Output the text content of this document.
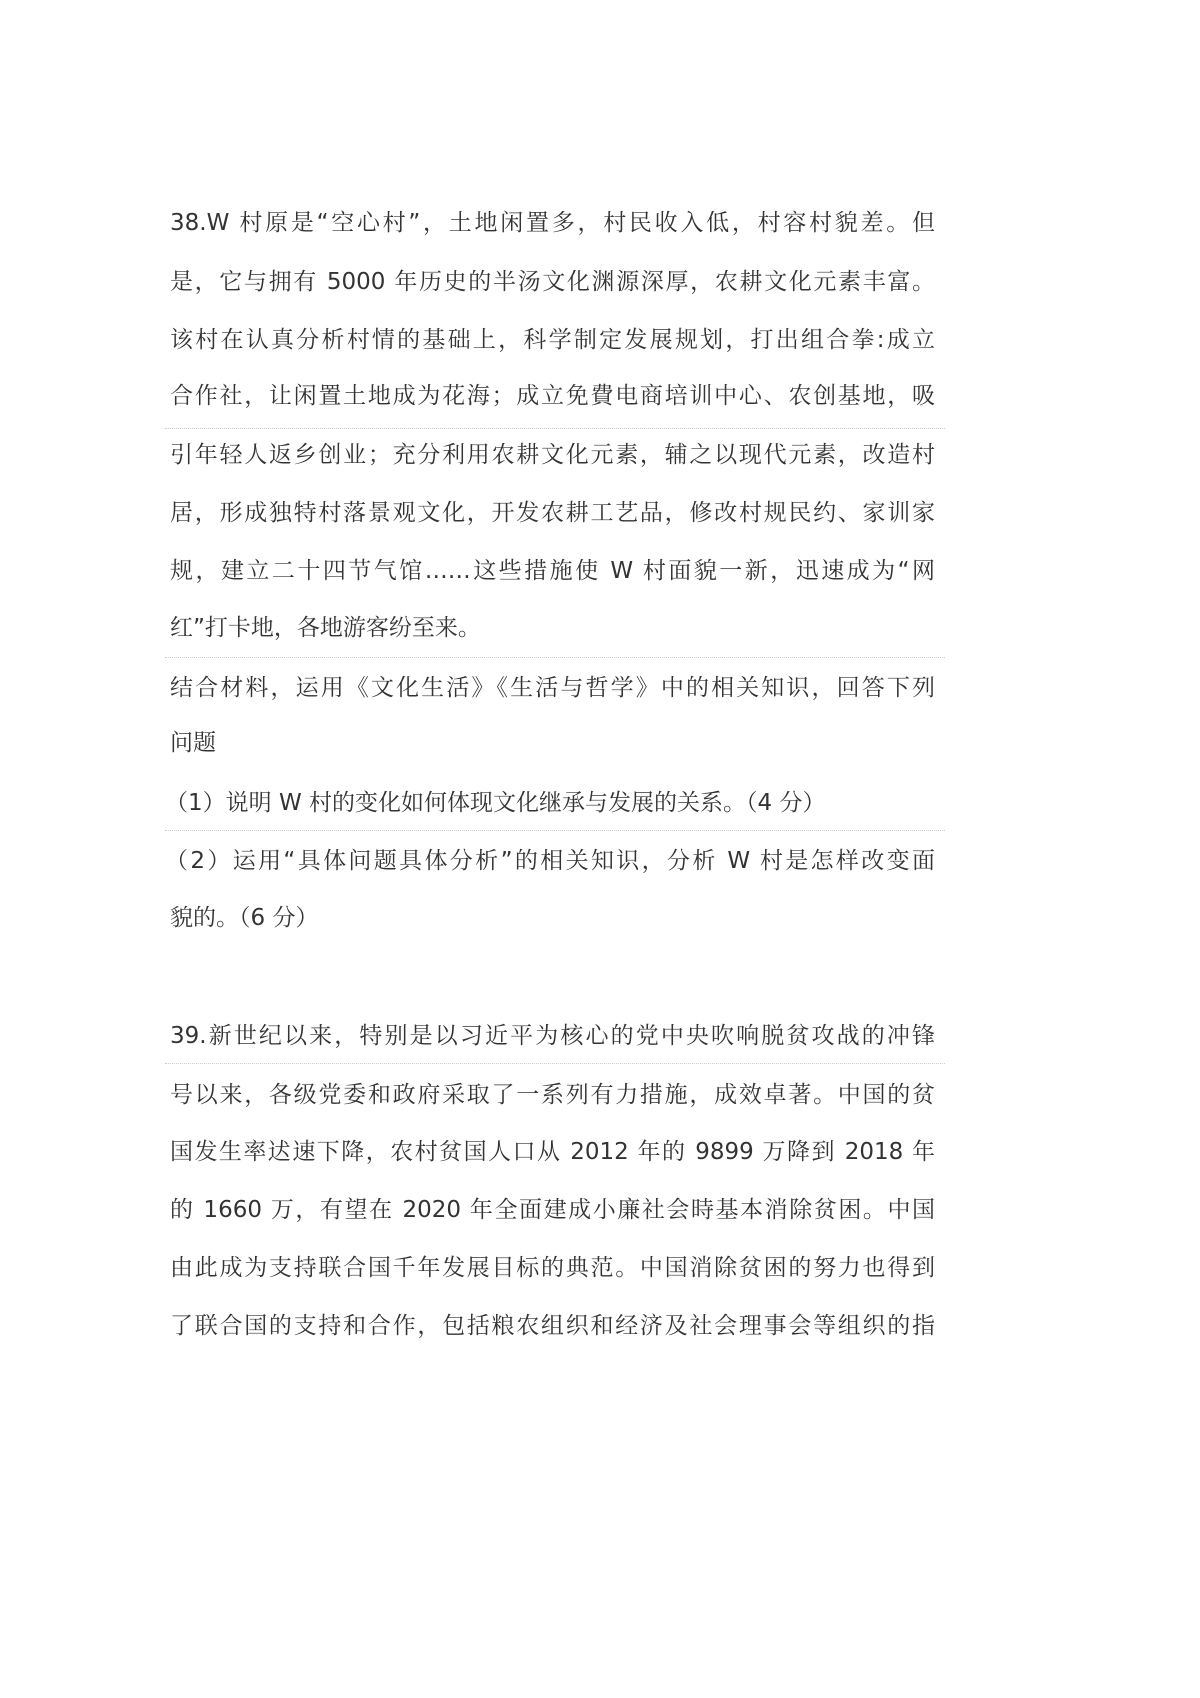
38.W 村原是“空心村”，土地闲置多，村民收入低，村容村貌差。但
是，它与拥有 5000 年历史的半汤文化渊源深厚，农耕文化元素丰富。
该村在认真分析村情的基础上，科学制定发展规划，打出组合拳:成立
合作社，让闲置土地成为花海；成立免費电商培训中心、农创基地，吸
引年轻人返乡创业；充分利用农耕文化元素，辅之以现代元素，改造村
居，形成独特村落景观文化，开发农耕工艺品，修改村规民约、家训家
规，建立二十四节气馆……这些措施使 W 村面貌一新，迅速成为“网
红”打卡地，各地游客纷至来。
结合材料，运用《文化生活》《生活与哲学》中的相关知识，回答下列
问题
（1）说明 W 村的变化如何体现文化继承与发展的关系。（4 分）
（2）运用“具体问题具体分析”的相关知识，分析 W 村是怎样改变面
貌的。（6 分）
39.新世纪以来，特别是以习近平为核心的党中央吹响脱贫攻战的冲锋
号以来，各级党委和政府采取了一系列有力措施，成效卓著。中国的贫
国发生率迖速下降，农村贫国人口从 2012 年的 9899 万降到 2018 年
的 1660 万，有望在 2020 年全面建成小廉社会時基本消除贫困。中国
由此成为支持联合国千年发展目标的典范。中国消除贫困的努力也得到
了联合国的支持和合作，包括粮农组织和经济及社会理事会等组织的指
